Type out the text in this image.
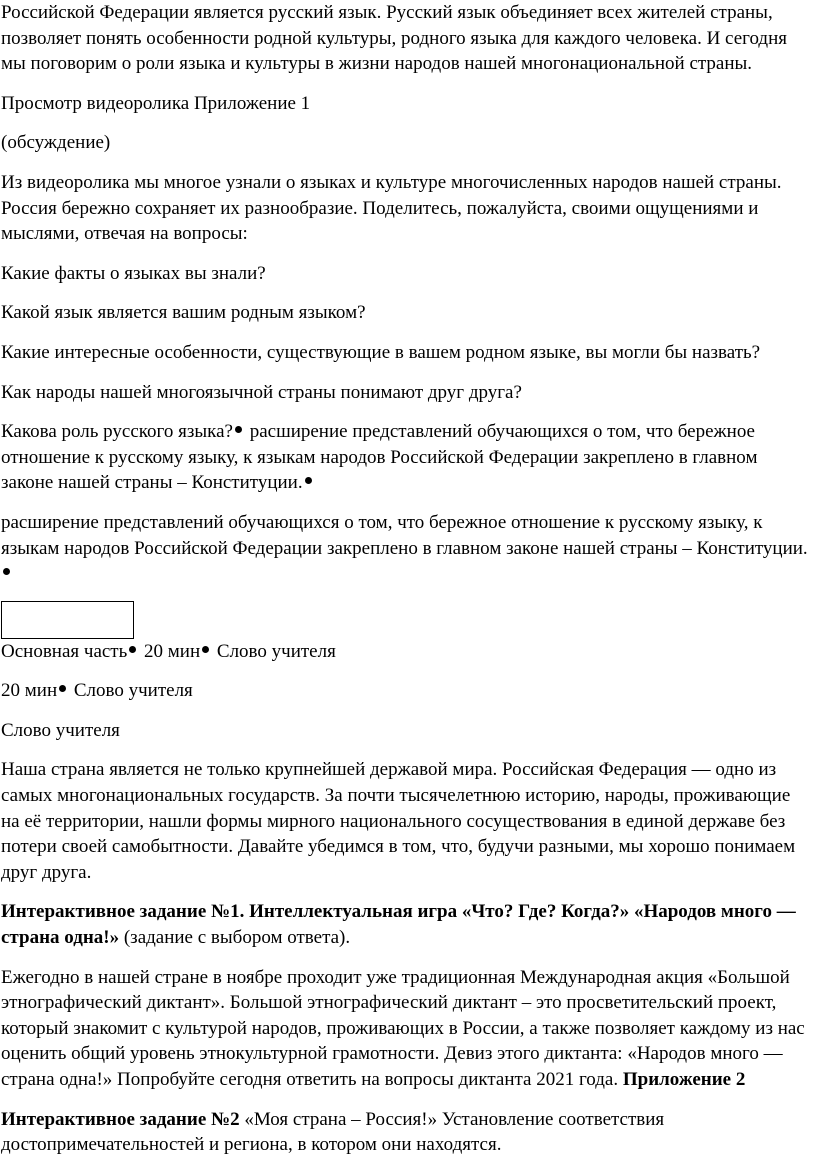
Российской Федерации является русский язык. Русский язык объединяет всех жителей страны, позволяет понять особенности родной культуры, родного языка для каждого человека. И сегодня мы поговорим о роли языка и культуры в жизни народов нашей многонациональной страны.

Просмотр видеоролика Приложение 1

(обсуждение)

Из видеоролика мы многое узнали о языках и культуре многочисленных народов нашей страны. Россия бережно сохраняет их разнообразие. Поделитесь, пожалуйста, своими ощущениями и мыслями, отвечая на вопросы:

Какие факты о языках вы знали?

Какой язык является вашим родным языком?

Какие интересные особенности, существующие в вашем родном языке, вы могли бы назвать?

Как народы нашей многоязычной страны понимают друг друга?

Какова роль русского языка? расширение представлений обучающихся о том, что бережное отношение к русскому языку, к языкам народов Российской Федерации закреплено в главном законе нашей страны – Конституции.

расширение представлений обучающихся о том, что бережное отношение к русскому языку, к языкам народов Российской Федерации закреплено в главном законе нашей страны – Конституции.

Основная часть 20 мин Слово учителя

20 мин Слово учителя

Слово учителя

Наша страна является не только крупнейшей державой мира. Российская Федерация — одно из самых многонациональных государств. За почти тысячелетнюю историю, народы, проживающие на её территории, нашли формы мирного национального сосуществования в единой державе без потери своей самобытности. Давайте убедимся в том, что, будучи разными, мы хорошо понимаем друг друга.

Интерактивное задание №1. Интеллектуальная игра «Что? Где? Когда?» «Народов много — страна одна!» (задание с выбором ответа).

Ежегодно в нашей стране в ноябре проходит уже традиционная Международная акция «Большой этнографический диктант». Большой этнографический диктант – это просветительский проект, который знакомит с культурой народов, проживающих в России, а также позволяет каждому из нас оценить общий уровень этнокультурной грамотности. Девиз этого диктанта: «Народов много — страна одна!» Попробуйте сегодня ответить на вопросы диктанта 2021 года. Приложение 2

Интерактивное задание №2 «Моя страна – Россия!» Установление соответствия достопримечательностей и региона, в котором они находятся.
